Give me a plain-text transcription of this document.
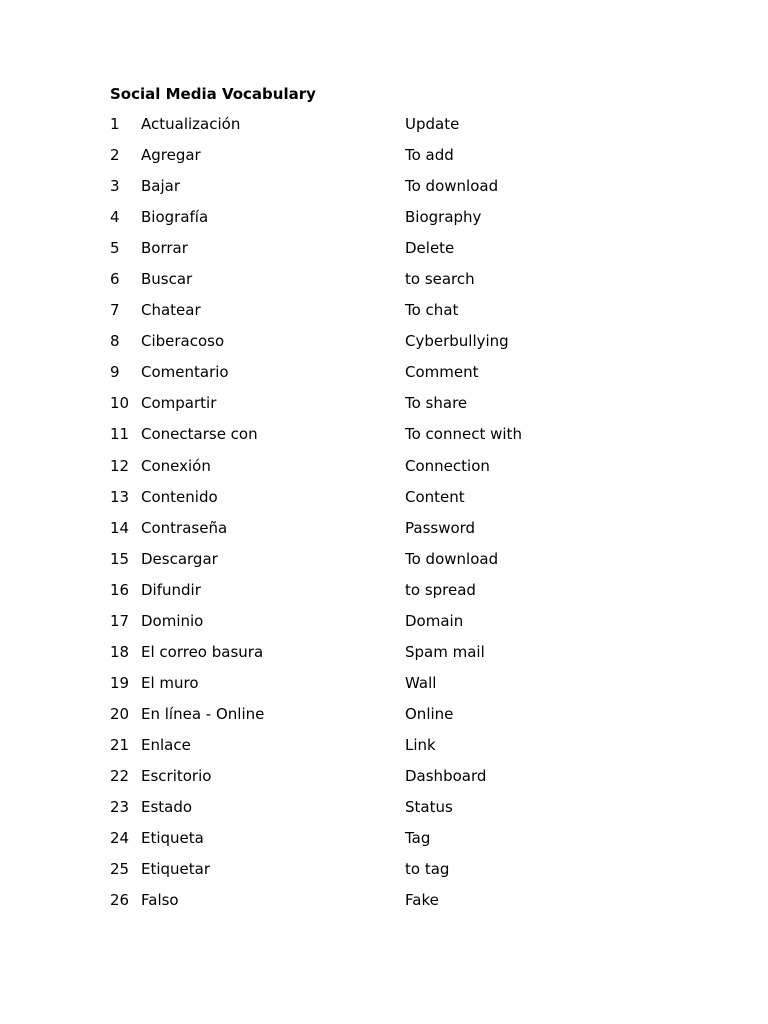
Social Media Vocabulary
1	Actualización	Update
2	Agregar	To add
3	Bajar	To download
4	Biografía	Biography
5	Borrar	Delete
6	Buscar	to search
7	Chatear	To chat
8	Ciberacoso	Cyberbullying
9	Comentario	Comment
10 Compartir	To share
11 Conectarse con	To connect with
12 Conexión	Connection
13 Contenido	Content
14 Contraseña	Password
15 Descargar	To download
16 Difundir	to spread
17 Dominio	Domain
18 El correo basura	Spam mail
19 El muro	Wall
20 En línea - Online	Online
21 Enlace	Link
22 Escritorio	Dashboard
23 Estado	Status
24 Etiqueta	Tag
25 Etiquetar	to tag
26 Falso	Fake
